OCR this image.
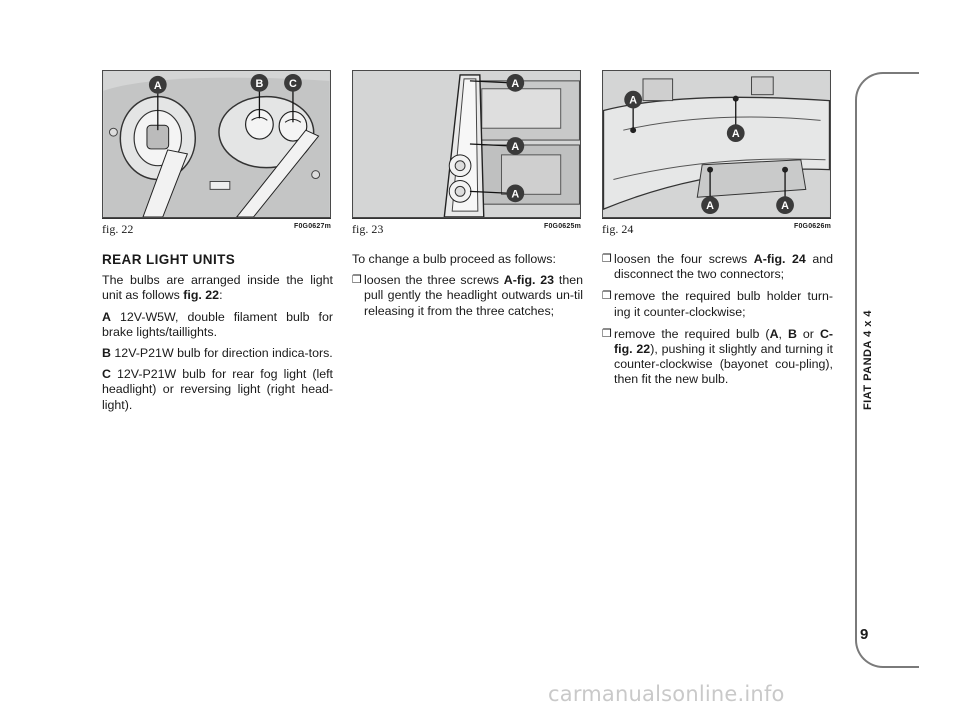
A	B C
fig. 22	F0G0627m
A
A
A
fig. 23	F0G0625m
A
A
A	A
fig. 24	F0G0626m

REAR LIGHT UNITS

The bulbs are arranged inside the light unit as follows fig. 22:

A 12V-W5W, double filament bulb for brake lights/taillights.

B 12V-P21W bulb for direction indica-tors.

C 12V-P21W bulb for rear fog light (left headlight) or reversing light (right head-light).

To change a bulb proceed as follows:

❒ loosen the three screws A-fig. 23 then pull gently the headlight outwards un-til releasing it from the three catches;

❒ loosen the four screws A-fig. 24 and disconnect the two connectors;

❒ remove the required bulb holder turn-ing it counter-clockwise;

❒ remove the required bulb (A, B or C-fig. 22), pushing it slightly and turning it counter-clockwise (bayonet cou-pling), then fit the new bulb.	FIAT PANDA 4 x 4
9
carmanualsonline.info
